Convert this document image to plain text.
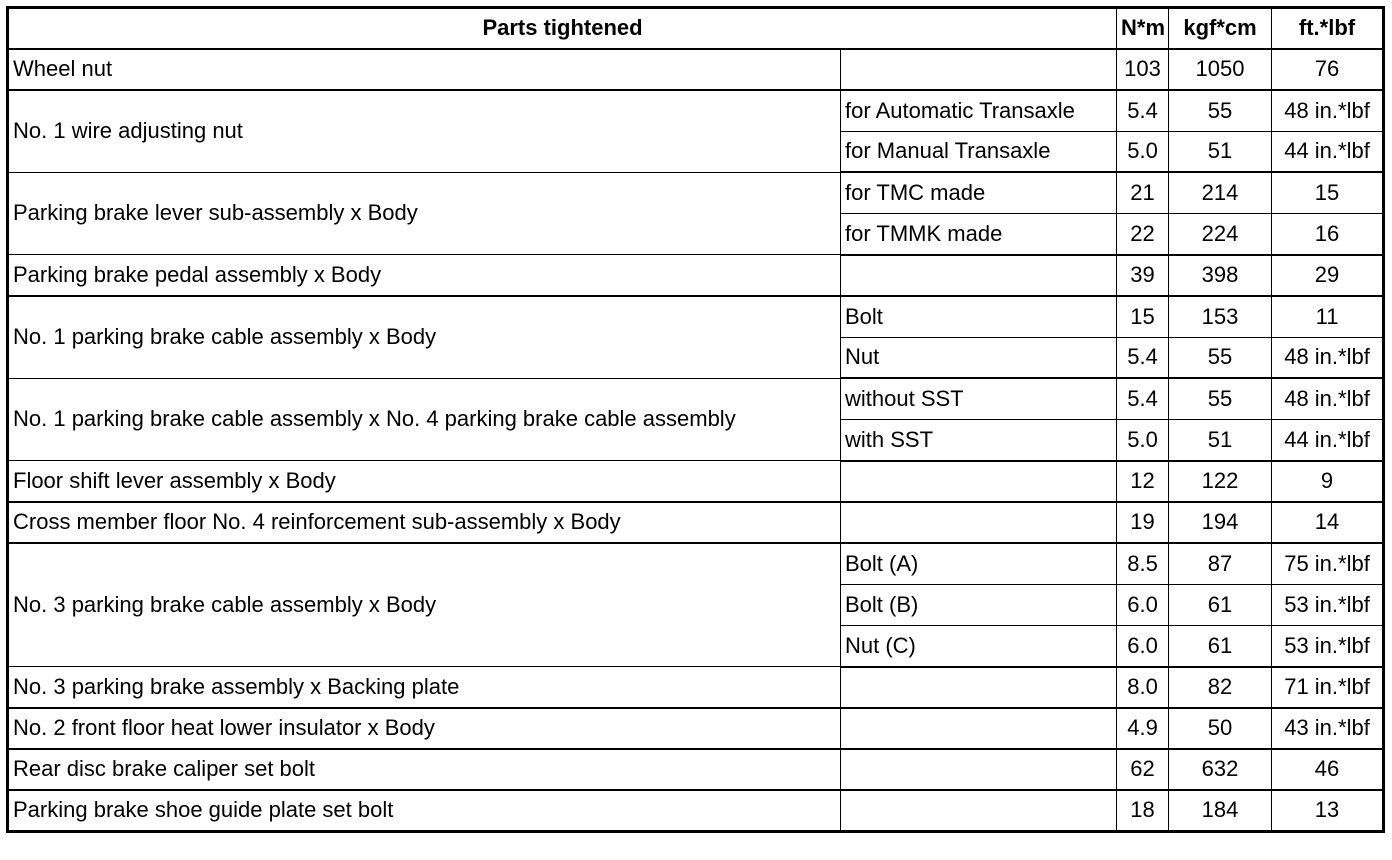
Parts tightened		N*m	kgf*cm	ft.*lbf
Wheel nut		103	1050	76
No. 1 wire adjusting nut	for Automatic Transaxle	5.4	55	48 in.*lbf
	for Manual Transaxle	5.0	51	44 in.*lbf
Parking brake lever sub-assembly x Body	for TMC made	21	214	15
	for TMMK made	22	224	16
Parking brake pedal assembly x Body		39	398	29
No. 1 parking brake cable assembly x Body	Bolt	15	153	11
	Nut	5.4	55	48 in.*lbf
No. 1 parking brake cable assembly x No. 4 parking brake cable assembly	without SST	5.4	55	48 in.*lbf
	with SST	5.0	51	44 in.*lbf
Floor shift lever assembly x Body		12	122	9
Cross member floor No. 4 reinforcement sub-assembly x Body		19	194	14
No. 3 parking brake cable assembly x Body	Bolt (A)	8.5	87	75 in.*lbf
	Bolt (B)	6.0	61	53 in.*lbf
	Nut (C)	6.0	61	53 in.*lbf
No. 3 parking brake assembly x Backing plate		8.0	82	71 in.*lbf
No. 2 front floor heat lower insulator x Body		4.9	50	43 in.*lbf
Rear disc brake caliper set bolt		62	632	46
Parking brake shoe guide plate set bolt		18	184	13
